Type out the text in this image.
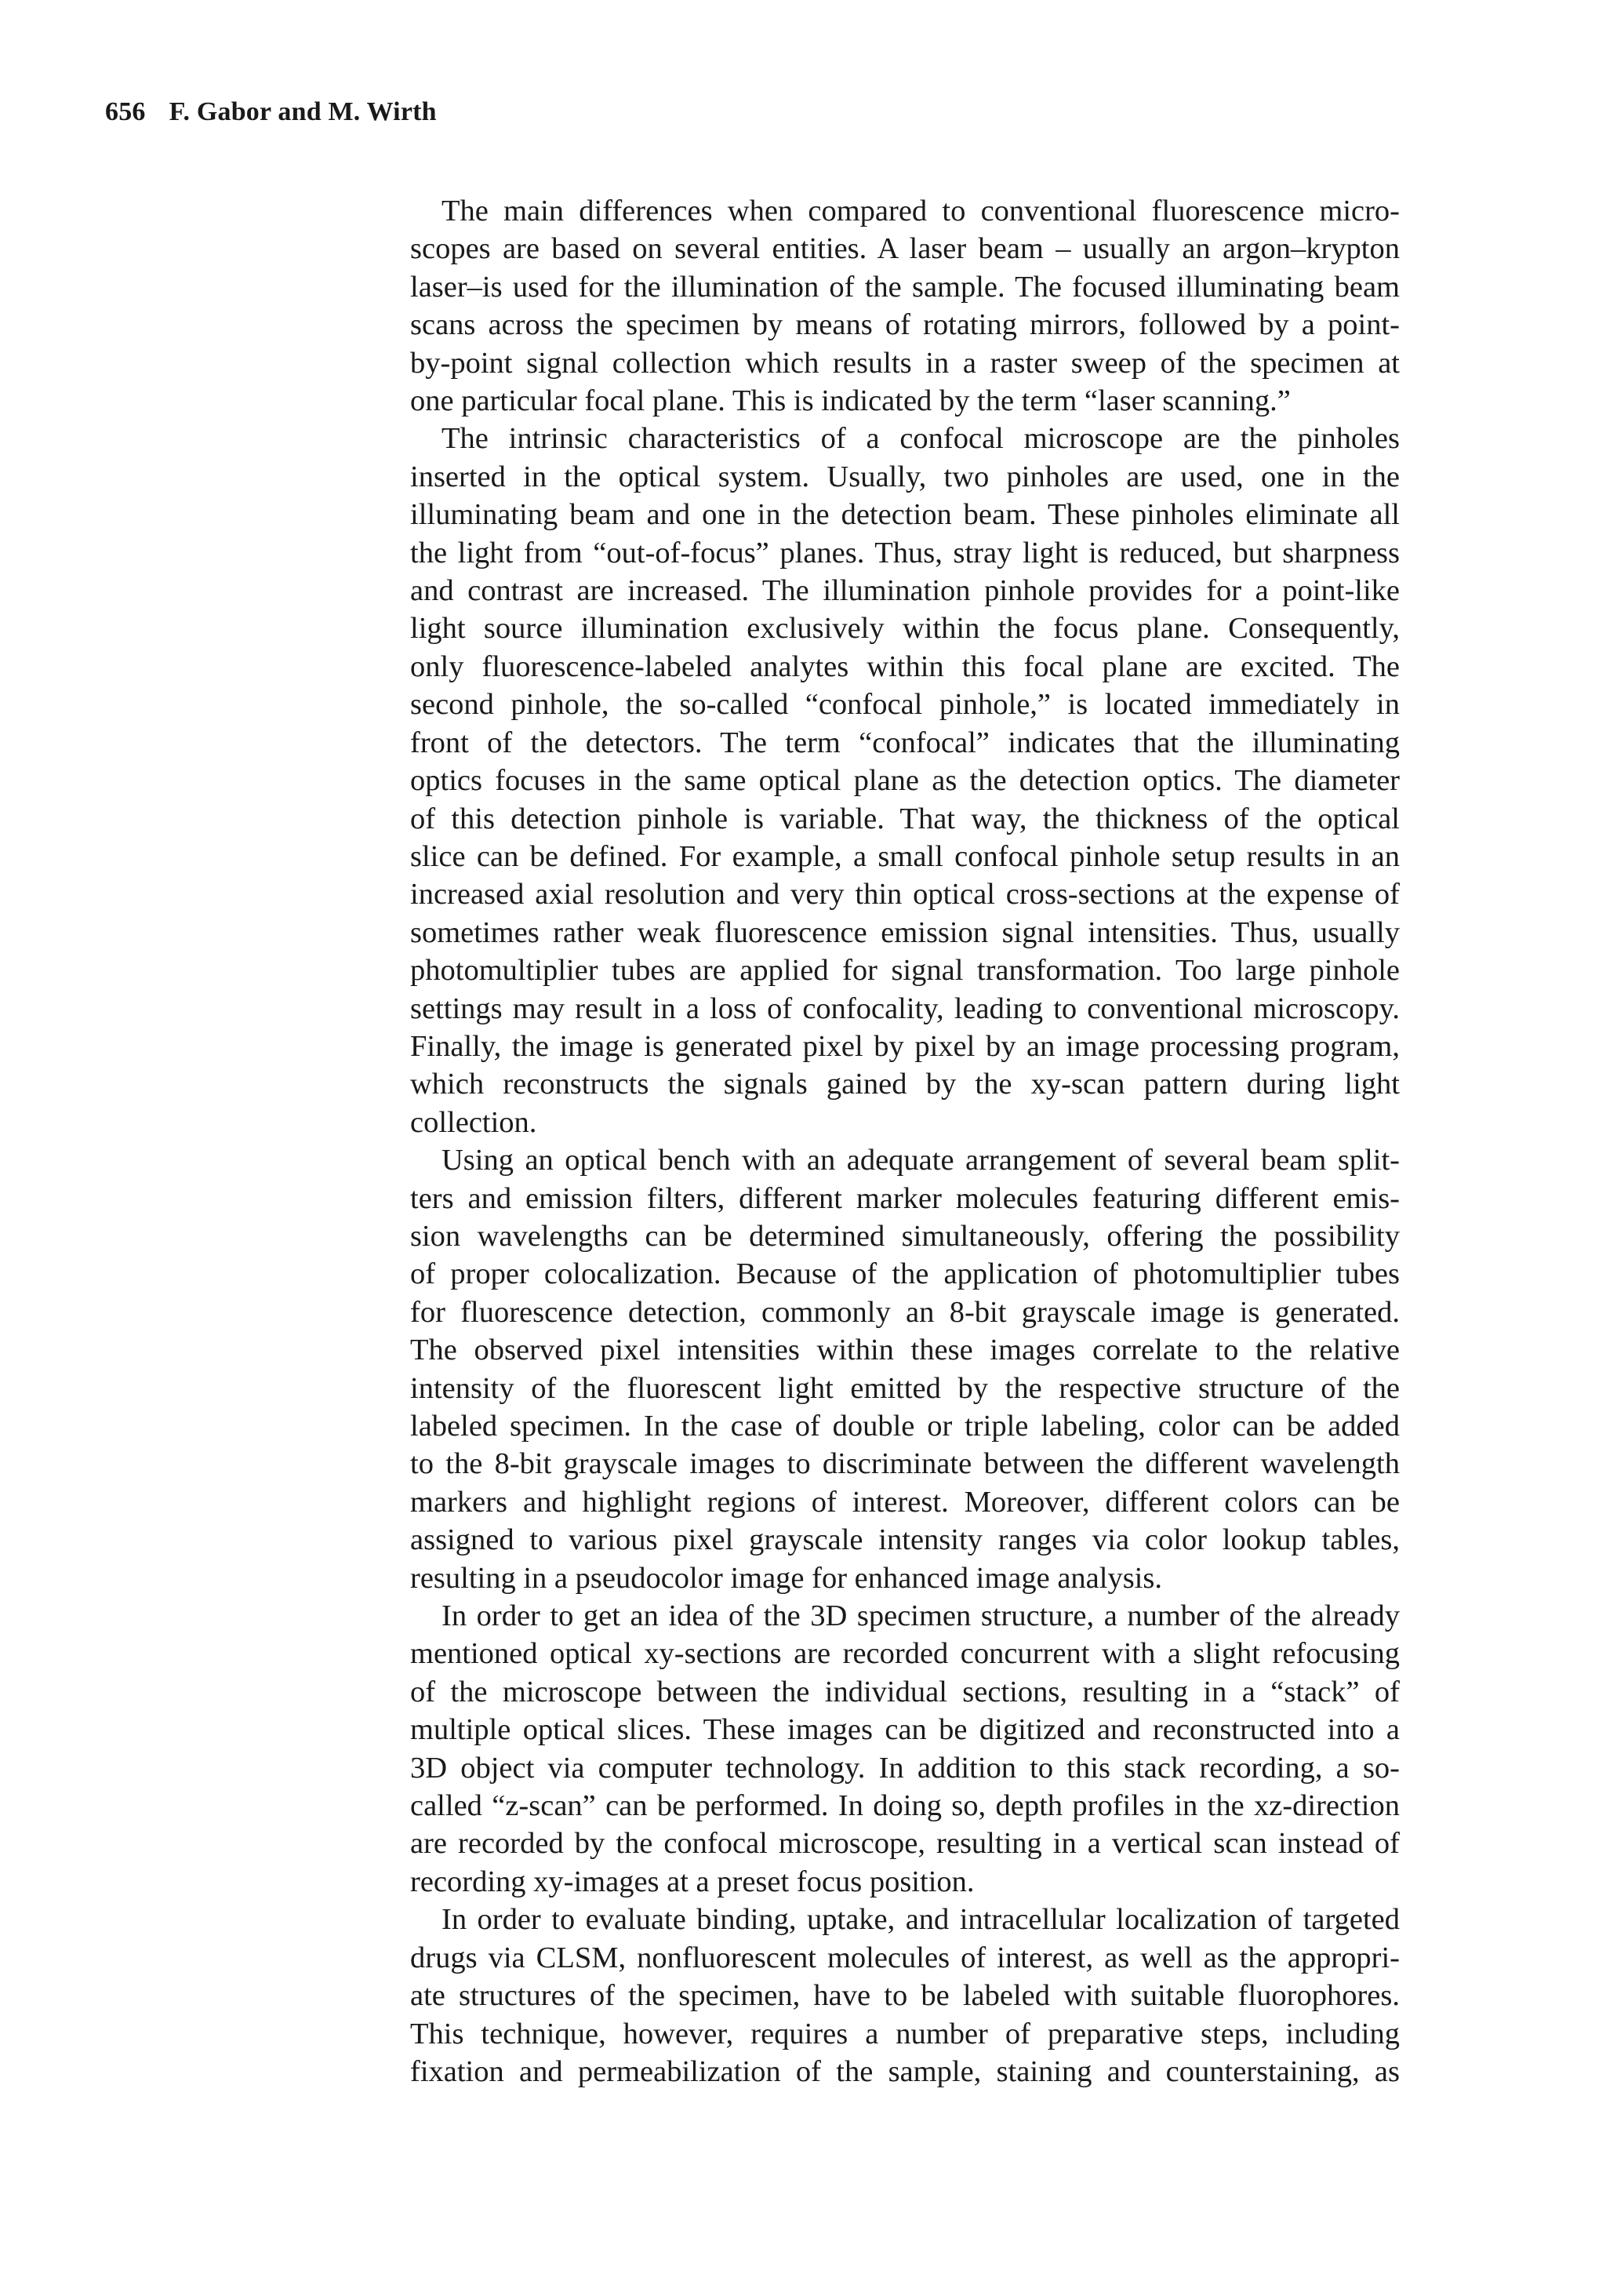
656 F. Gabor and M. Wirth

The main differences when compared to conventional fluorescence micro-
scopes are based on several entities. A laser beam – usually an argon–krypton
laser–is used for the illumination of the sample. The focused illuminating beam
scans across the specimen by means of rotating mirrors, followed by a point-
by-point signal collection which results in a raster sweep of the specimen at
one particular focal plane. This is indicated by the term “laser scanning.”

The intrinsic characteristics of a confocal microscope are the pinholes
inserted in the optical system. Usually, two pinholes are used, one in the
illuminating beam and one in the detection beam. These pinholes eliminate all
the light from “out-of-focus” planes. Thus, stray light is reduced, but sharpness
and contrast are increased. The illumination pinhole provides for a point-like
light source illumination exclusively within the focus plane. Consequently,
only fluorescence-labeled analytes within this focal plane are excited. The
second pinhole, the so-called “confocal pinhole,” is located immediately in
front of the detectors. The term “confocal” indicates that the illuminating
optics focuses in the same optical plane as the detection optics. The diameter
of this detection pinhole is variable. That way, the thickness of the optical
slice can be defined. For example, a small confocal pinhole setup results in an
increased axial resolution and very thin optical cross-sections at the expense of
sometimes rather weak fluorescence emission signal intensities. Thus, usually
photomultiplier tubes are applied for signal transformation. Too large pinhole
settings may result in a loss of confocality, leading to conventional microscopy.
Finally, the image is generated pixel by pixel by an image processing program,
which reconstructs the signals gained by the xy-scan pattern during light
collection.

Using an optical bench with an adequate arrangement of several beam split-
ters and emission filters, different marker molecules featuring different emis-
sion wavelengths can be determined simultaneously, offering the possibility
of proper colocalization. Because of the application of photomultiplier tubes
for fluorescence detection, commonly an 8-bit grayscale image is generated.
The observed pixel intensities within these images correlate to the relative
intensity of the fluorescent light emitted by the respective structure of the
labeled specimen. In the case of double or triple labeling, color can be added
to the 8-bit grayscale images to discriminate between the different wavelength
markers and highlight regions of interest. Moreover, different colors can be
assigned to various pixel grayscale intensity ranges via color lookup tables,
resulting in a pseudocolor image for enhanced image analysis.

In order to get an idea of the 3D specimen structure, a number of the already
mentioned optical xy-sections are recorded concurrent with a slight refocusing
of the microscope between the individual sections, resulting in a “stack” of
multiple optical slices. These images can be digitized and reconstructed into a
3D object via computer technology. In addition to this stack recording, a so-
called “z-scan” can be performed. In doing so, depth profiles in the xz-direction
are recorded by the confocal microscope, resulting in a vertical scan instead of
recording xy-images at a preset focus position.

In order to evaluate binding, uptake, and intracellular localization of targeted
drugs via CLSM, nonfluorescent molecules of interest, as well as the appropri-
ate structures of the specimen, have to be labeled with suitable fluorophores.
This technique, however, requires a number of preparative steps, including
fixation and permeabilization of the sample, staining and counterstaining, as
